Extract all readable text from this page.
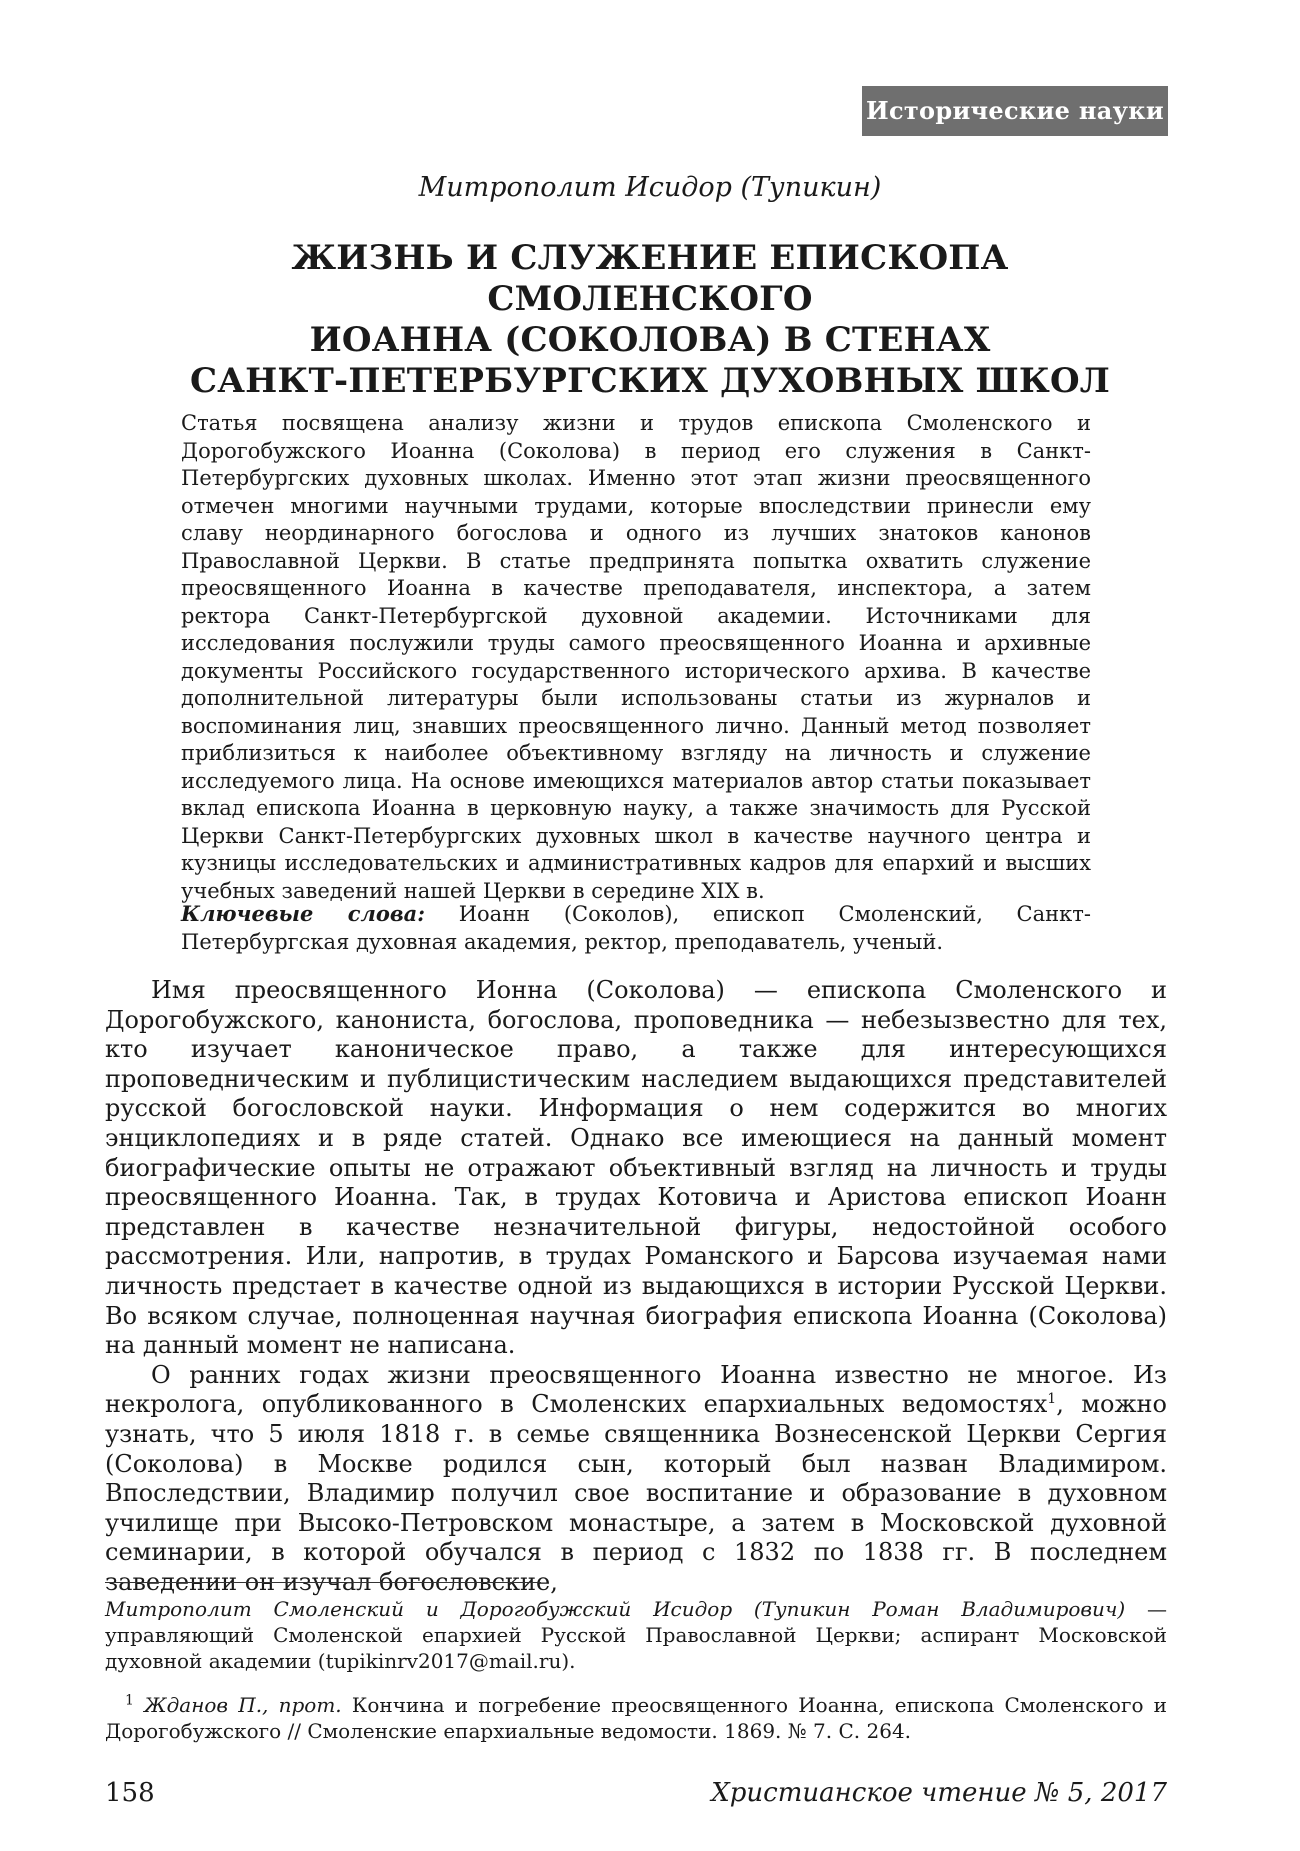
Исторические науки
Митрополит Исидор (Тупикин)
ЖИЗНЬ И СЛУЖЕНИЕ ЕПИСКОПА СМОЛЕНСКОГО
ИОАННА (СОКОЛОВА) В СТЕНАХ
САНКТ-ПЕТЕРБУРГСКИХ ДУХОВНЫХ ШКОЛ
Статья посвящена анализу жизни и трудов епископа Смоленского и Дорогобужского Иоанна (Соколова) в период его служения в Санкт-Петербургских духовных школах. Именно этот этап жизни преосвященного отмечен многими научными трудами, которые впоследствии принесли ему славу неординарного богослова и одного из лучших знатоков канонов Православной Церкви. В статье предпринята попытка охватить служение преосвященного Иоанна в качестве преподавателя, инспектора, а затем ректора Санкт-Петербургской духовной академии. Источниками для исследования послужили труды самого преосвященного Иоанна и архивные документы Российского государственного исторического архива. В качестве дополнительной литературы были использованы статьи из журналов и воспоминания лиц, знавших преосвященного лично. Данный метод позволяет приблизиться к наиболее объективному взгляду на личность и служение исследуемого лица. На основе имеющихся материалов автор статьи показывает вклад епископа Иоанна в церковную науку, а также значимость для Русской Церкви Санкт-Петербургских духовных школ в качестве научного центра и кузницы исследовательских и административных кадров для епархий и высших учебных заведений нашей Церкви в середине XIX в.
Ключевые слова: Иоанн (Соколов), епископ Смоленский, Санкт-Петербургская духовная академия, ректор, преподаватель, ученый.

Имя преосвященного Ионна (Соколова) — епископа Смоленского и Дорогобужского, канониста, богослова, проповедника — небезызвестно для тех, кто изучает каноническое право, а также для интересующихся проповедническим и публицистическим наследием выдающихся представителей русской богословской науки. Информация о нем содержится во многих энциклопедиях и в ряде статей. Однако все имеющиеся на данный момент биографические опыты не отражают объективный взгляд на личность и труды преосвященного Иоанна. Так, в трудах Котовича и Аристова епископ Иоанн представлен в качестве незначительной фигуры, недостойной особого рассмотрения. Или, напротив, в трудах Романского и Барсова изучаемая нами личность предстает в качестве одной из выдающихся в истории Русской Церкви. Во всяком случае, полноценная научная биография епископа Иоанна (Соколова) на данный момент не написана.

О ранних годах жизни преосвященного Иоанна известно не многое. Из некролога, опубликованного в Смоленских епархиальных ведомостях$^1$, можно узнать, что 5 июля 1818 г. в семье священника Вознесенской Церкви Сергия (Соколова) в Москве родился сын, который был назван Владимиром. Впоследствии, Владимир получил свое воспитание и образование в духовном училище при Высоко-Петровском монастыре, а затем в Московской духовной семинарии, в которой обучался в период с 1832 по 1838 гг. В последнем заведении он изучал богословские,

Митрополит Смоленский и Дорогобужский Исидор (Тупикин Роман Владимирович) — управляющий Смоленской епархией Русской Православной Церкви; аспирант Московской духовной академии (tupikinrv2017@mail.ru).
$^1$ Жданов П., прот. Кончина и погребение преосвященного Иоанна, епископа Смоленского и Дорогобужского // Смоленские епархиальные ведомости. 1869. № 7. С. 264.
158	Христианское чтение № 5, 2017
